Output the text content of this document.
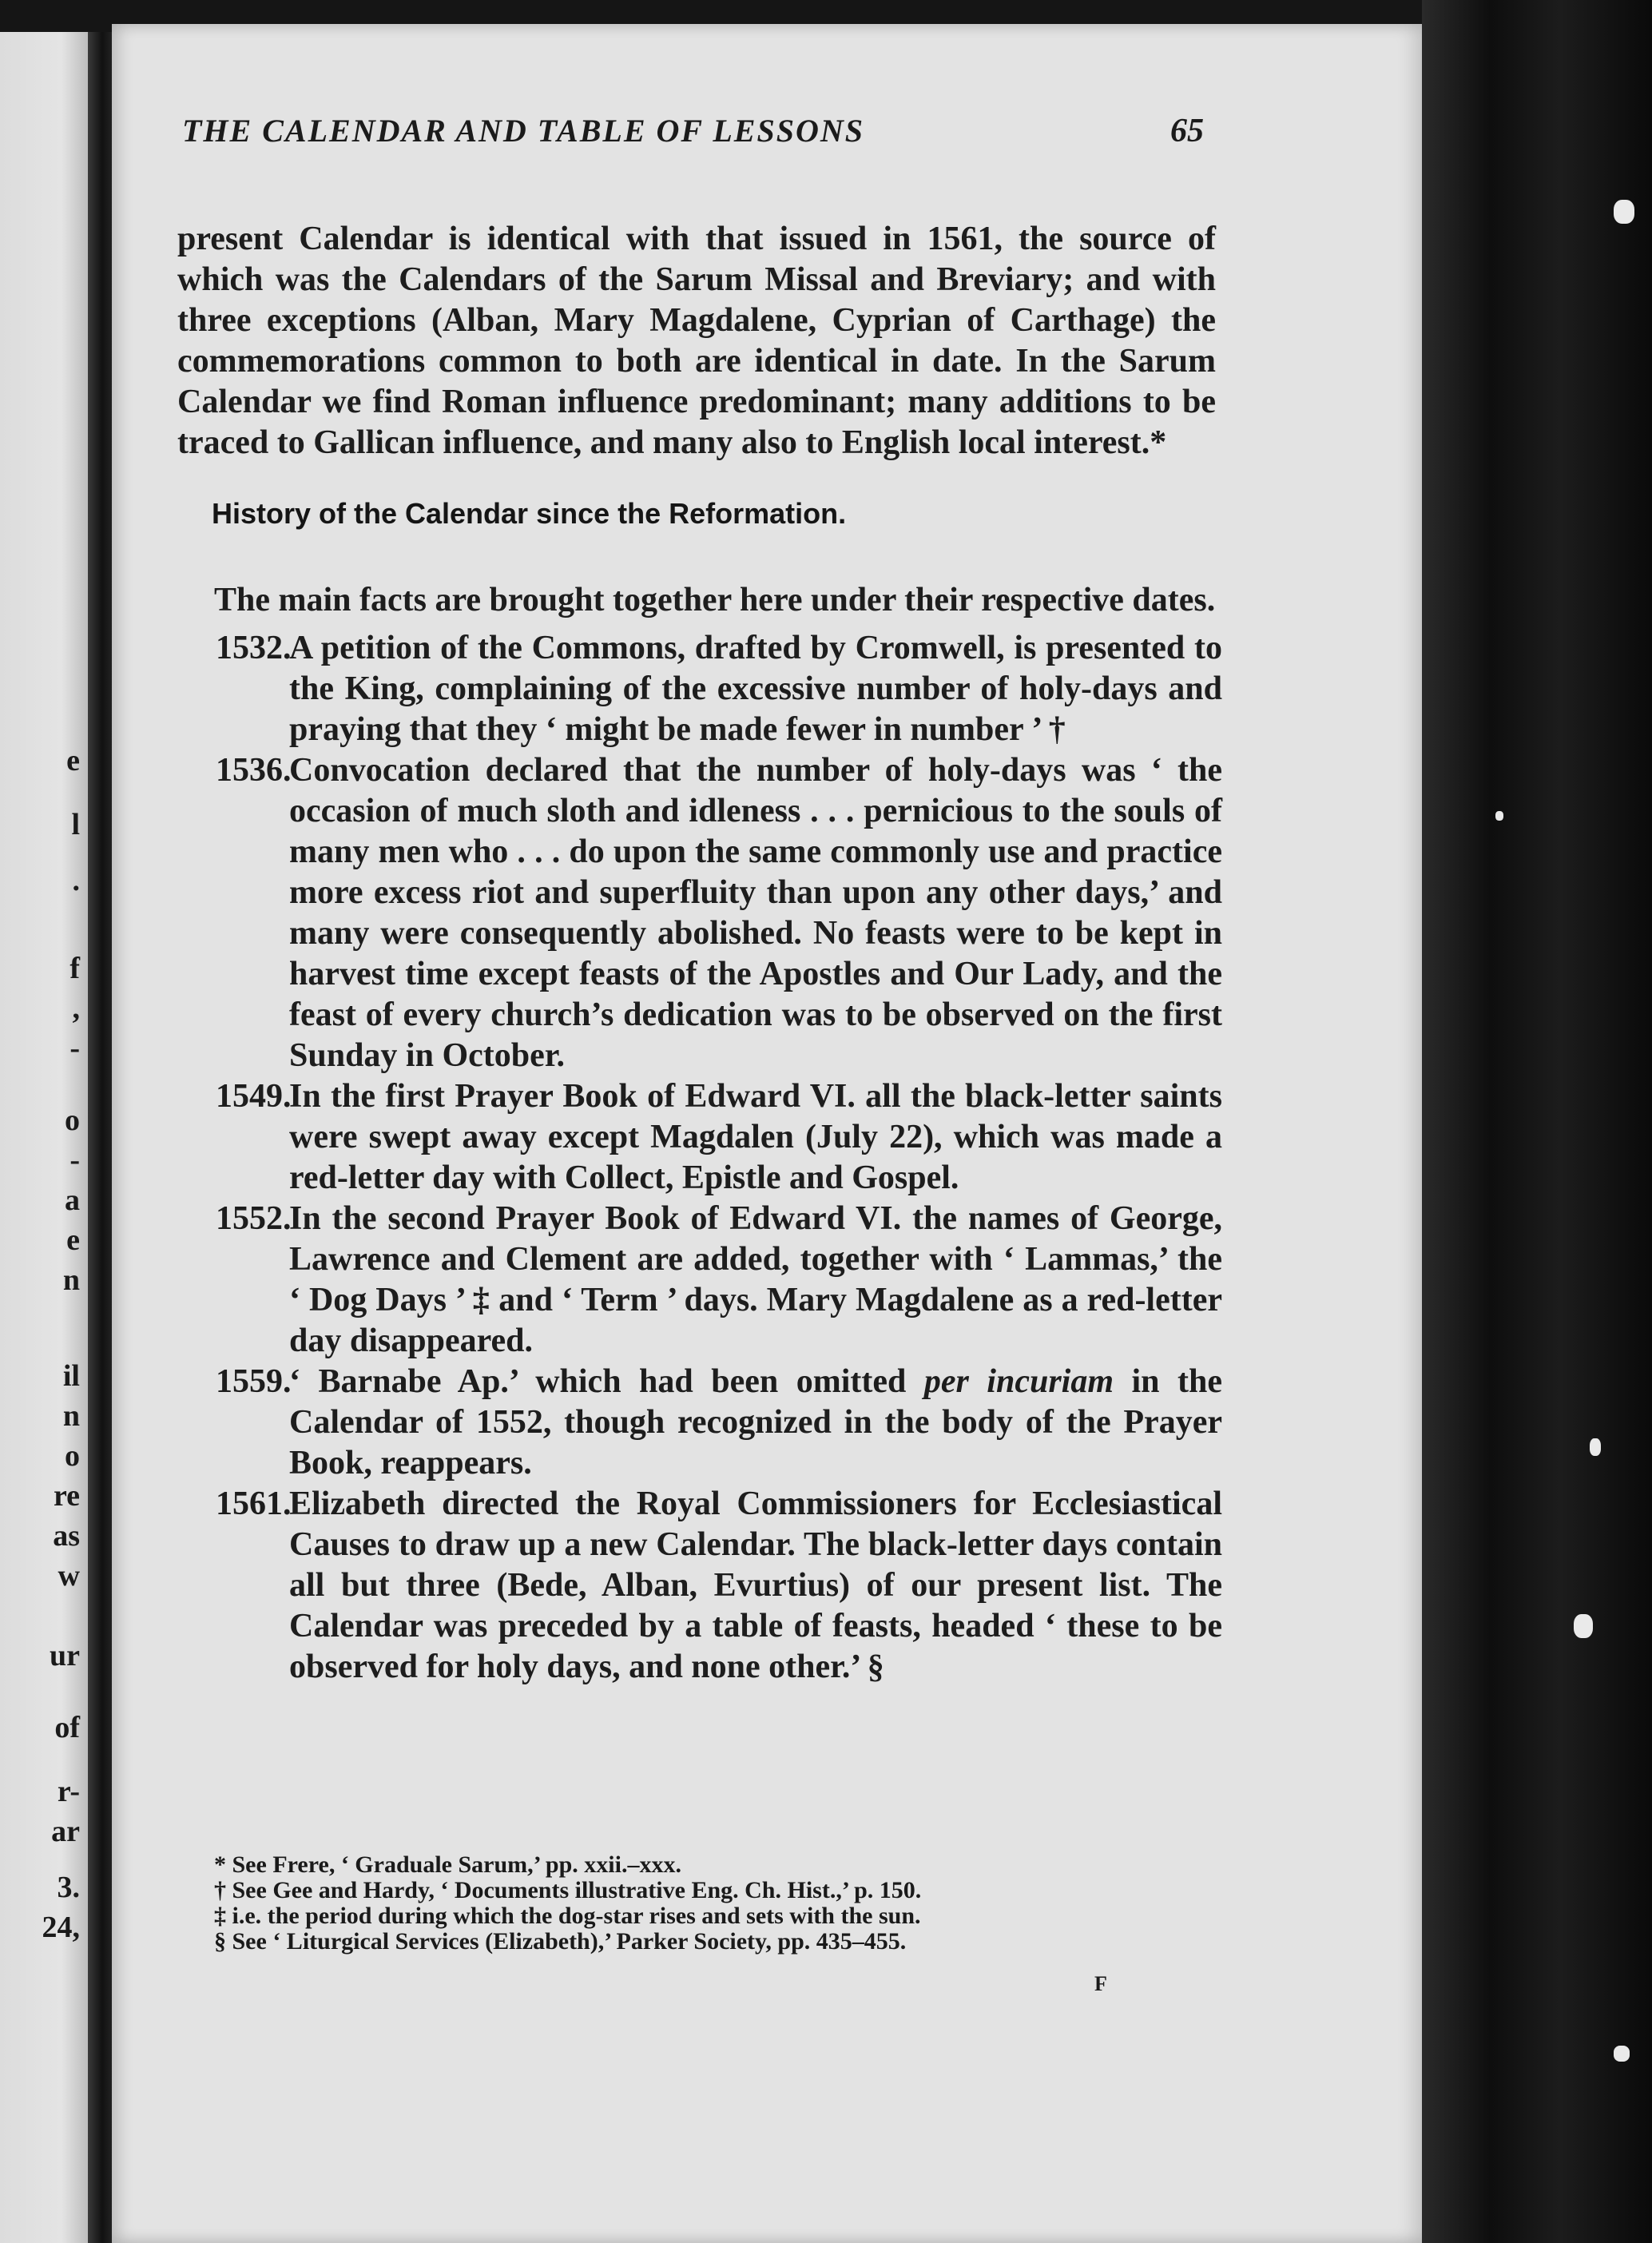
e
l
.
f
,
-
o
-
a
e
n
il
n
o
re
as
w
ur
of
r-
ar
3.
24,
THE CALENDAR AND TABLE OF LESSONS	65

present Calendar is identical with that issued in 1561, the source of which was the Calendars of the Sarum Missal and Breviary; and with three exceptions (Alban, Mary Magdalene, Cyprian of Carthage) the commemorations common to both are identical in date. In the Sarum Calendar we find Roman influence predominant; many additions to be traced to Gallican influence, and many also to English local interest.*

History of the Calendar since the Reformation.

The main facts are brought together here under their respective dates.

1532.
A petition of the Commons, drafted by Cromwell, is presented to the King, complaining of the excessive number of holy-days and praying that they ‘ might be made fewer in number ’ †
1536.
Convocation declared that the number of holy-days was ‘ the occasion of much sloth and idleness . . . pernicious to the souls of many men who . . . do upon the same commonly use and practice more excess riot and superfluity than upon any other days,’ and many were consequently abolished. No feasts were to be kept in harvest time except feasts of the Apostles and Our Lady, and the feast of every church’s dedication was to be observed on the first Sunday in October.
1549.
In the first Prayer Book of Edward VI. all the black-letter saints were swept away except Magdalen (July 22), which was made a red-letter day with Collect, Epistle and Gospel.
1552.
In the second Prayer Book of Edward VI. the names of George, Lawrence and Clement are added, together with ‘ Lammas,’ the ‘ Dog Days ’ ‡ and ‘ Term ’ days. Mary Magdalene as a red-letter day disappeared.
1559.
‘ Barnabe Ap.’ which had been omitted per incuriam in the Calendar of 1552, though recognized in the body of the Prayer Book, reappears.
1561.
Elizabeth directed the Royal Commissioners for Ecclesiastical Causes to draw up a new Calendar. The black-letter days contain all but three (Bede, Alban, Evurtius) of our present list. The Calendar was preceded by a table of feasts, headed ‘ these to be observed for holy days, and none other.’ §

* See Frere, ‘ Graduale Sarum,’ pp. xxii.–xxx.

† See Gee and Hardy, ‘ Documents illustrative Eng. Ch. Hist.,’ p. 150.

‡ i.e. the period during which the dog-star rises and sets with the sun.

§ See ‘ Liturgical Services (Elizabeth),’ Parker Society, pp. 435–455.

F
